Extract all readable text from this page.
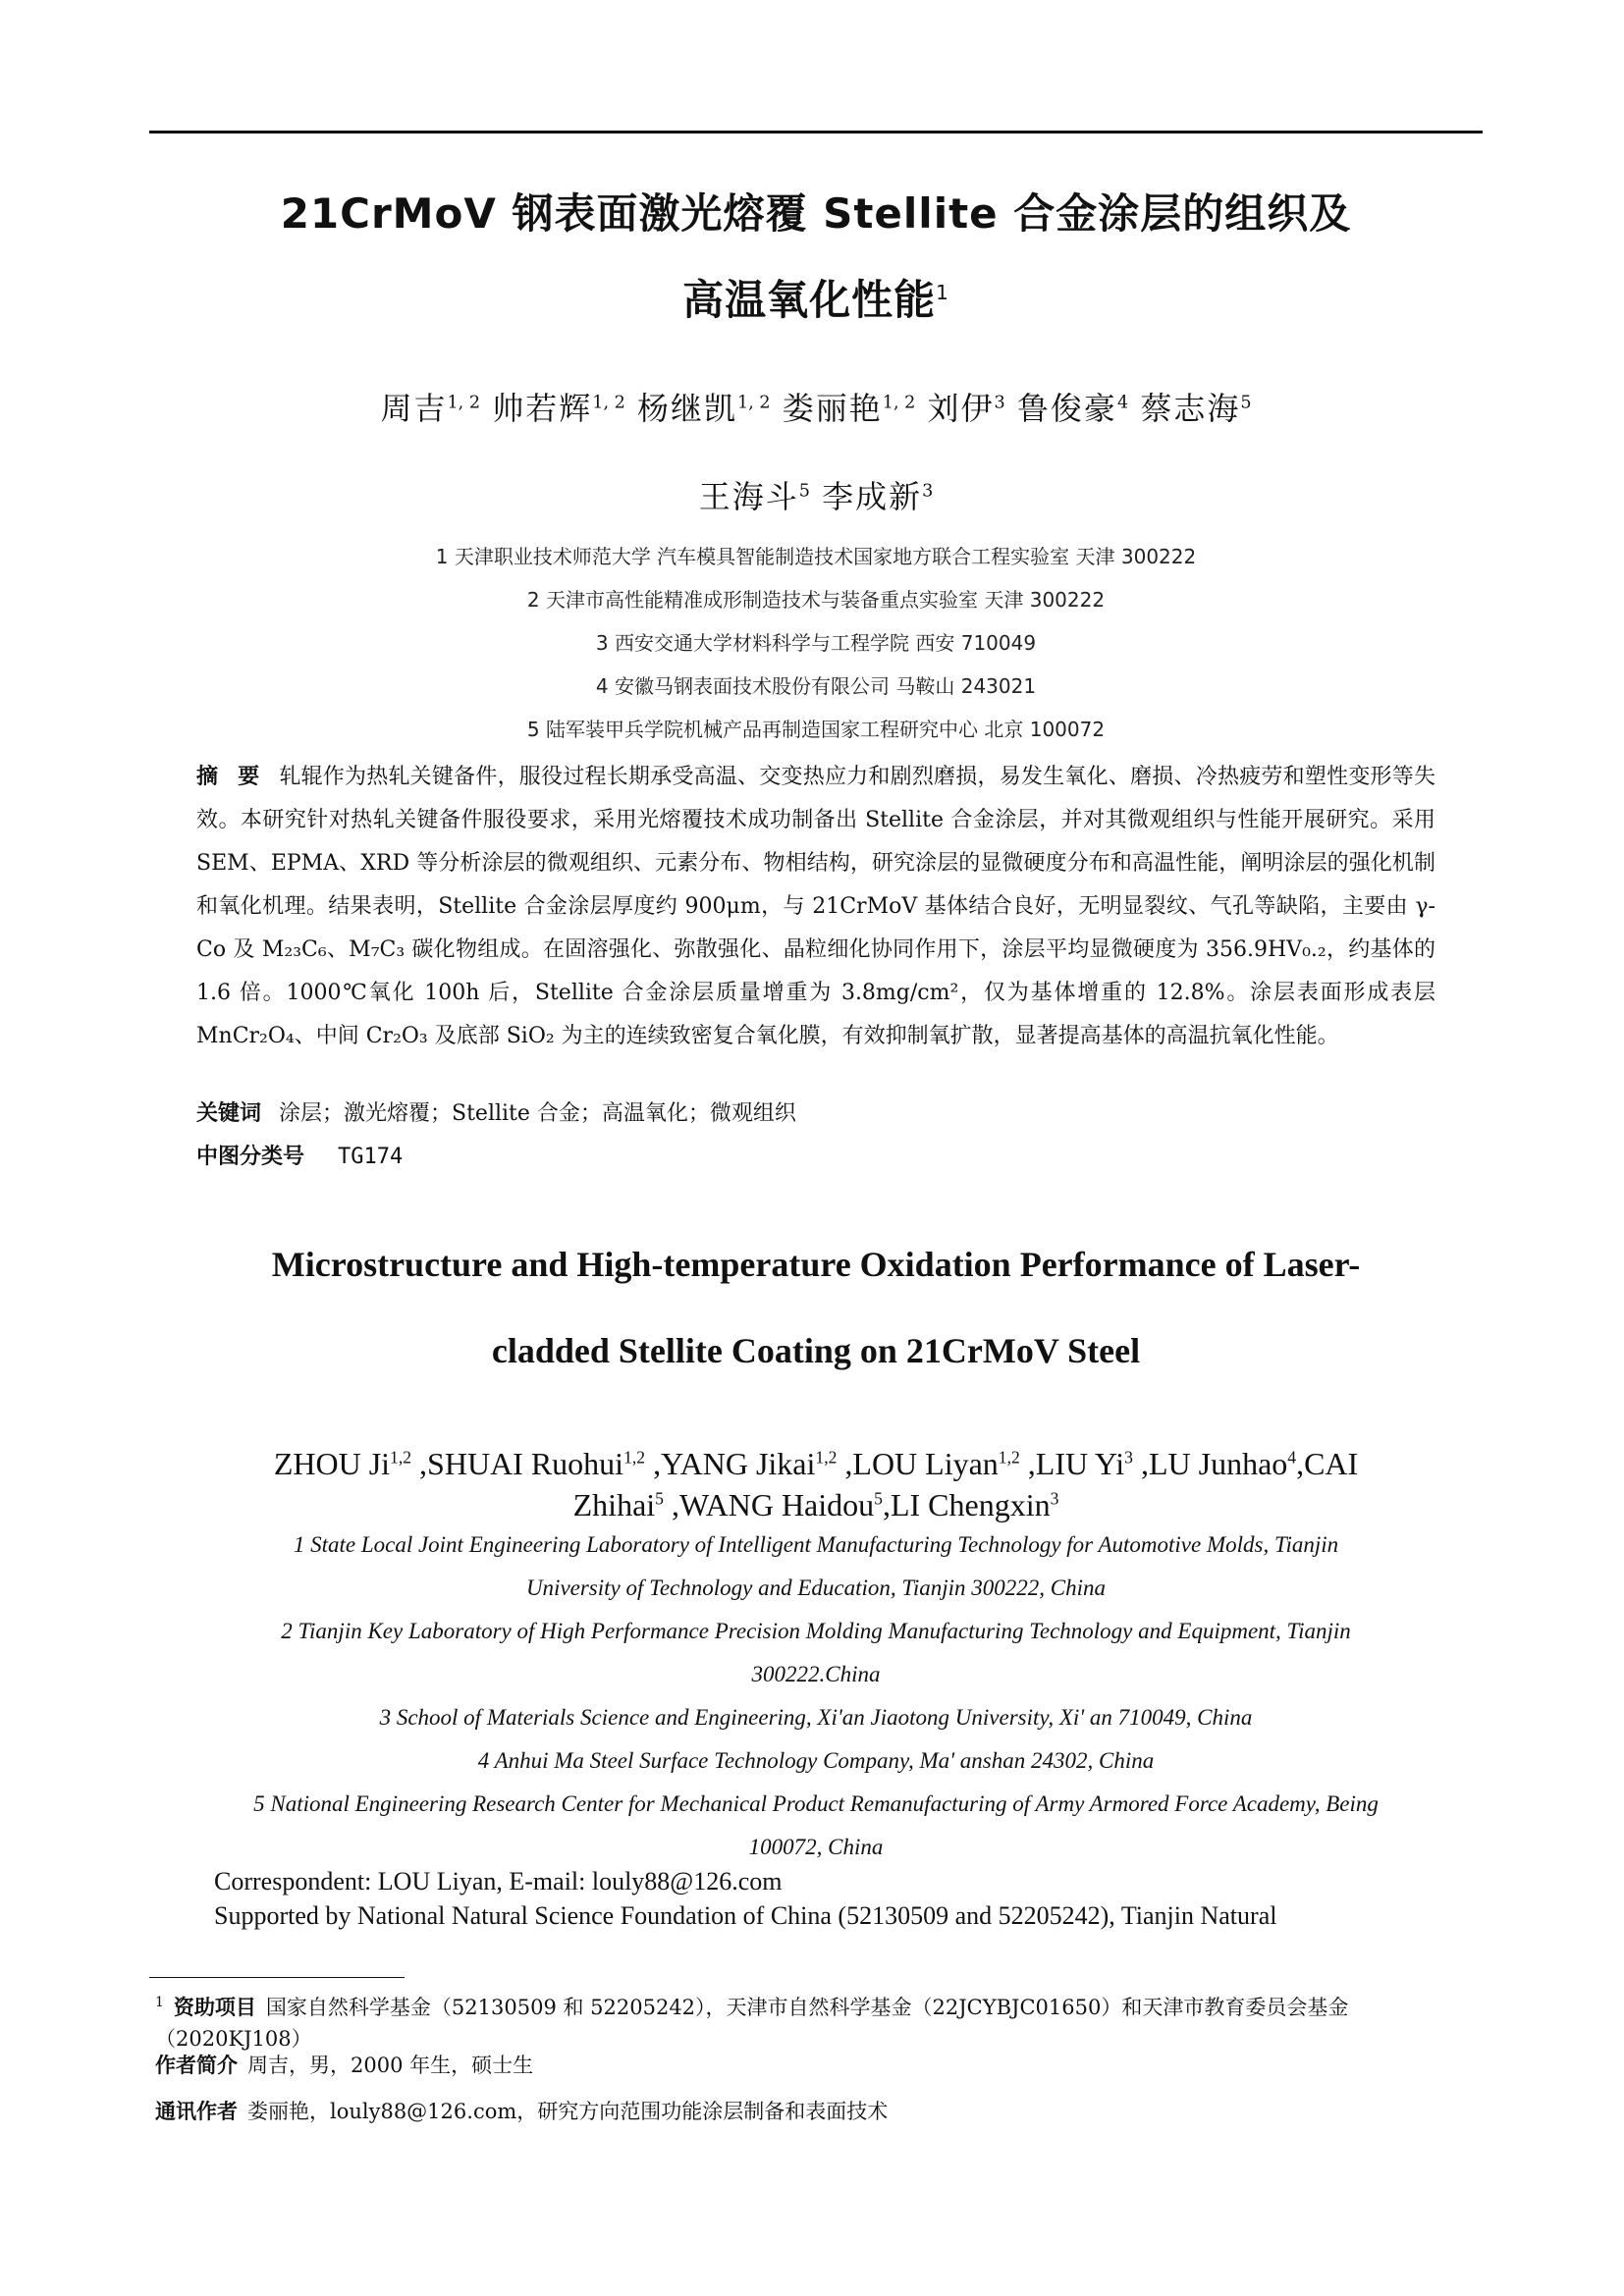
21CrMoV 钢表面激光熔覆 Stellite 合金涂层的组织及
高温氧化性能$^1$
周吉$^{1, 2}$ 帅若辉$^{1, 2}$ 杨继凯$^{1, 2}$ 娄丽艳$^{1, 2}$ 刘伊$^3$ 鲁俊豪$^4$ 蔡志海$^5$
王海斗$^5$ 李成新$^3$
1 天津职业技术师范大学 汽车模具智能制造技术国家地方联合工程实验室 天津 300222
2 天津市高性能精准成形制造技术与装备重点实验室 天津 300222
3 西安交通大学材料科学与工程学院 西安 710049
4 安徽马钢表面技术股份有限公司 马鞍山 243021
5 陆军装甲兵学院机械产品再制造国家工程研究中心 北京 100072
摘 要 轧辊作为热轧关键备件，服役过程长期承受高温、交变热应力和剧烈磨损，易发生氧化、磨损、冷热疲劳和塑性变形等失效。本研究针对热轧关键备件服役要求，采用光熔覆技术成功制备出 Stellite 合金涂层，并对其微观组织与性能开展研究。采用 SEM、EPMA、XRD 等分析涂层的微观组织、元素分布、物相结构，研究涂层的显微硬度分布和高温性能，阐明涂层的强化机制和氧化机理。结果表明，Stellite 合金涂层厚度约 900μm，与 21CrMoV 基体结合良好，无明显裂纹、气孔等缺陷，主要由 γ-Co 及 M₂₃C₆、M₇C₃ 碳化物组成。在固溶强化、弥散强化、晶粒细化协同作用下，涂层平均显微硬度为 356.9HV₀.₂，约基体的 1.6 倍。1000℃氧化 100h 后，Stellite 合金涂层质量增重为 3.8mg/cm²，仅为基体增重的 12.8%。涂层表面形成表层 MnCr₂O₄、中间 Cr₂O₃ 及底部 SiO₂ 为主的连续致密复合氧化膜，有效抑制氧扩散，显著提高基体的高温抗氧化性能。
关键词 涂层；激光熔覆；Stellite 合金；高温氧化；微观组织
中图分类号 TG174
Microstructure and High-temperature Oxidation Performance of Laser-
cladded Stellite Coating on 21CrMoV Steel
ZHOU Ji$^{1,2}$ ,SHUAI Ruohui$^{1,2}$ ,YANG Jikai$^{1,2}$ ,LOU Liyan$^{1,2}$ ,LIU Yi$^3$ ,LU Junhao$^4$,CAI
Zhihai$^5$ ,WANG Haidou$^5$,LI Chengxin$^3$
1 State Local Joint Engineering Laboratory of Intelligent Manufacturing Technology for Automotive Molds, Tianjin
University of Technology and Education, Tianjin 300222, China
2 Tianjin Key Laboratory of High Performance Precision Molding Manufacturing Technology and Equipment, Tianjin
300222.China
3 School of Materials Science and Engineering, Xi'an Jiaotong University, Xi' an 710049, China
4 Anhui Ma Steel Surface Technology Company, Ma' anshan 24302, China
5 National Engineering Research Center for Mechanical Product Remanufacturing of Army Armored Force Academy, Being
100072, China
Correspondent: LOU Liyan, E-mail: louly88@126.com
Supported by National Natural Science Foundation of China (52130509 and 52205242), Tianjin Natural
$^1$ 资助项目 国家自然科学基金（52130509 和 52205242），天津市自然科学基金（22JCYBJC01650）和天津市教育委员会基金（2020KJ108）
作者简介 周吉，男，2000 年生，硕士生
通讯作者 娄丽艳，louly88@126.com，研究方向范围功能涂层制备和表面技术
